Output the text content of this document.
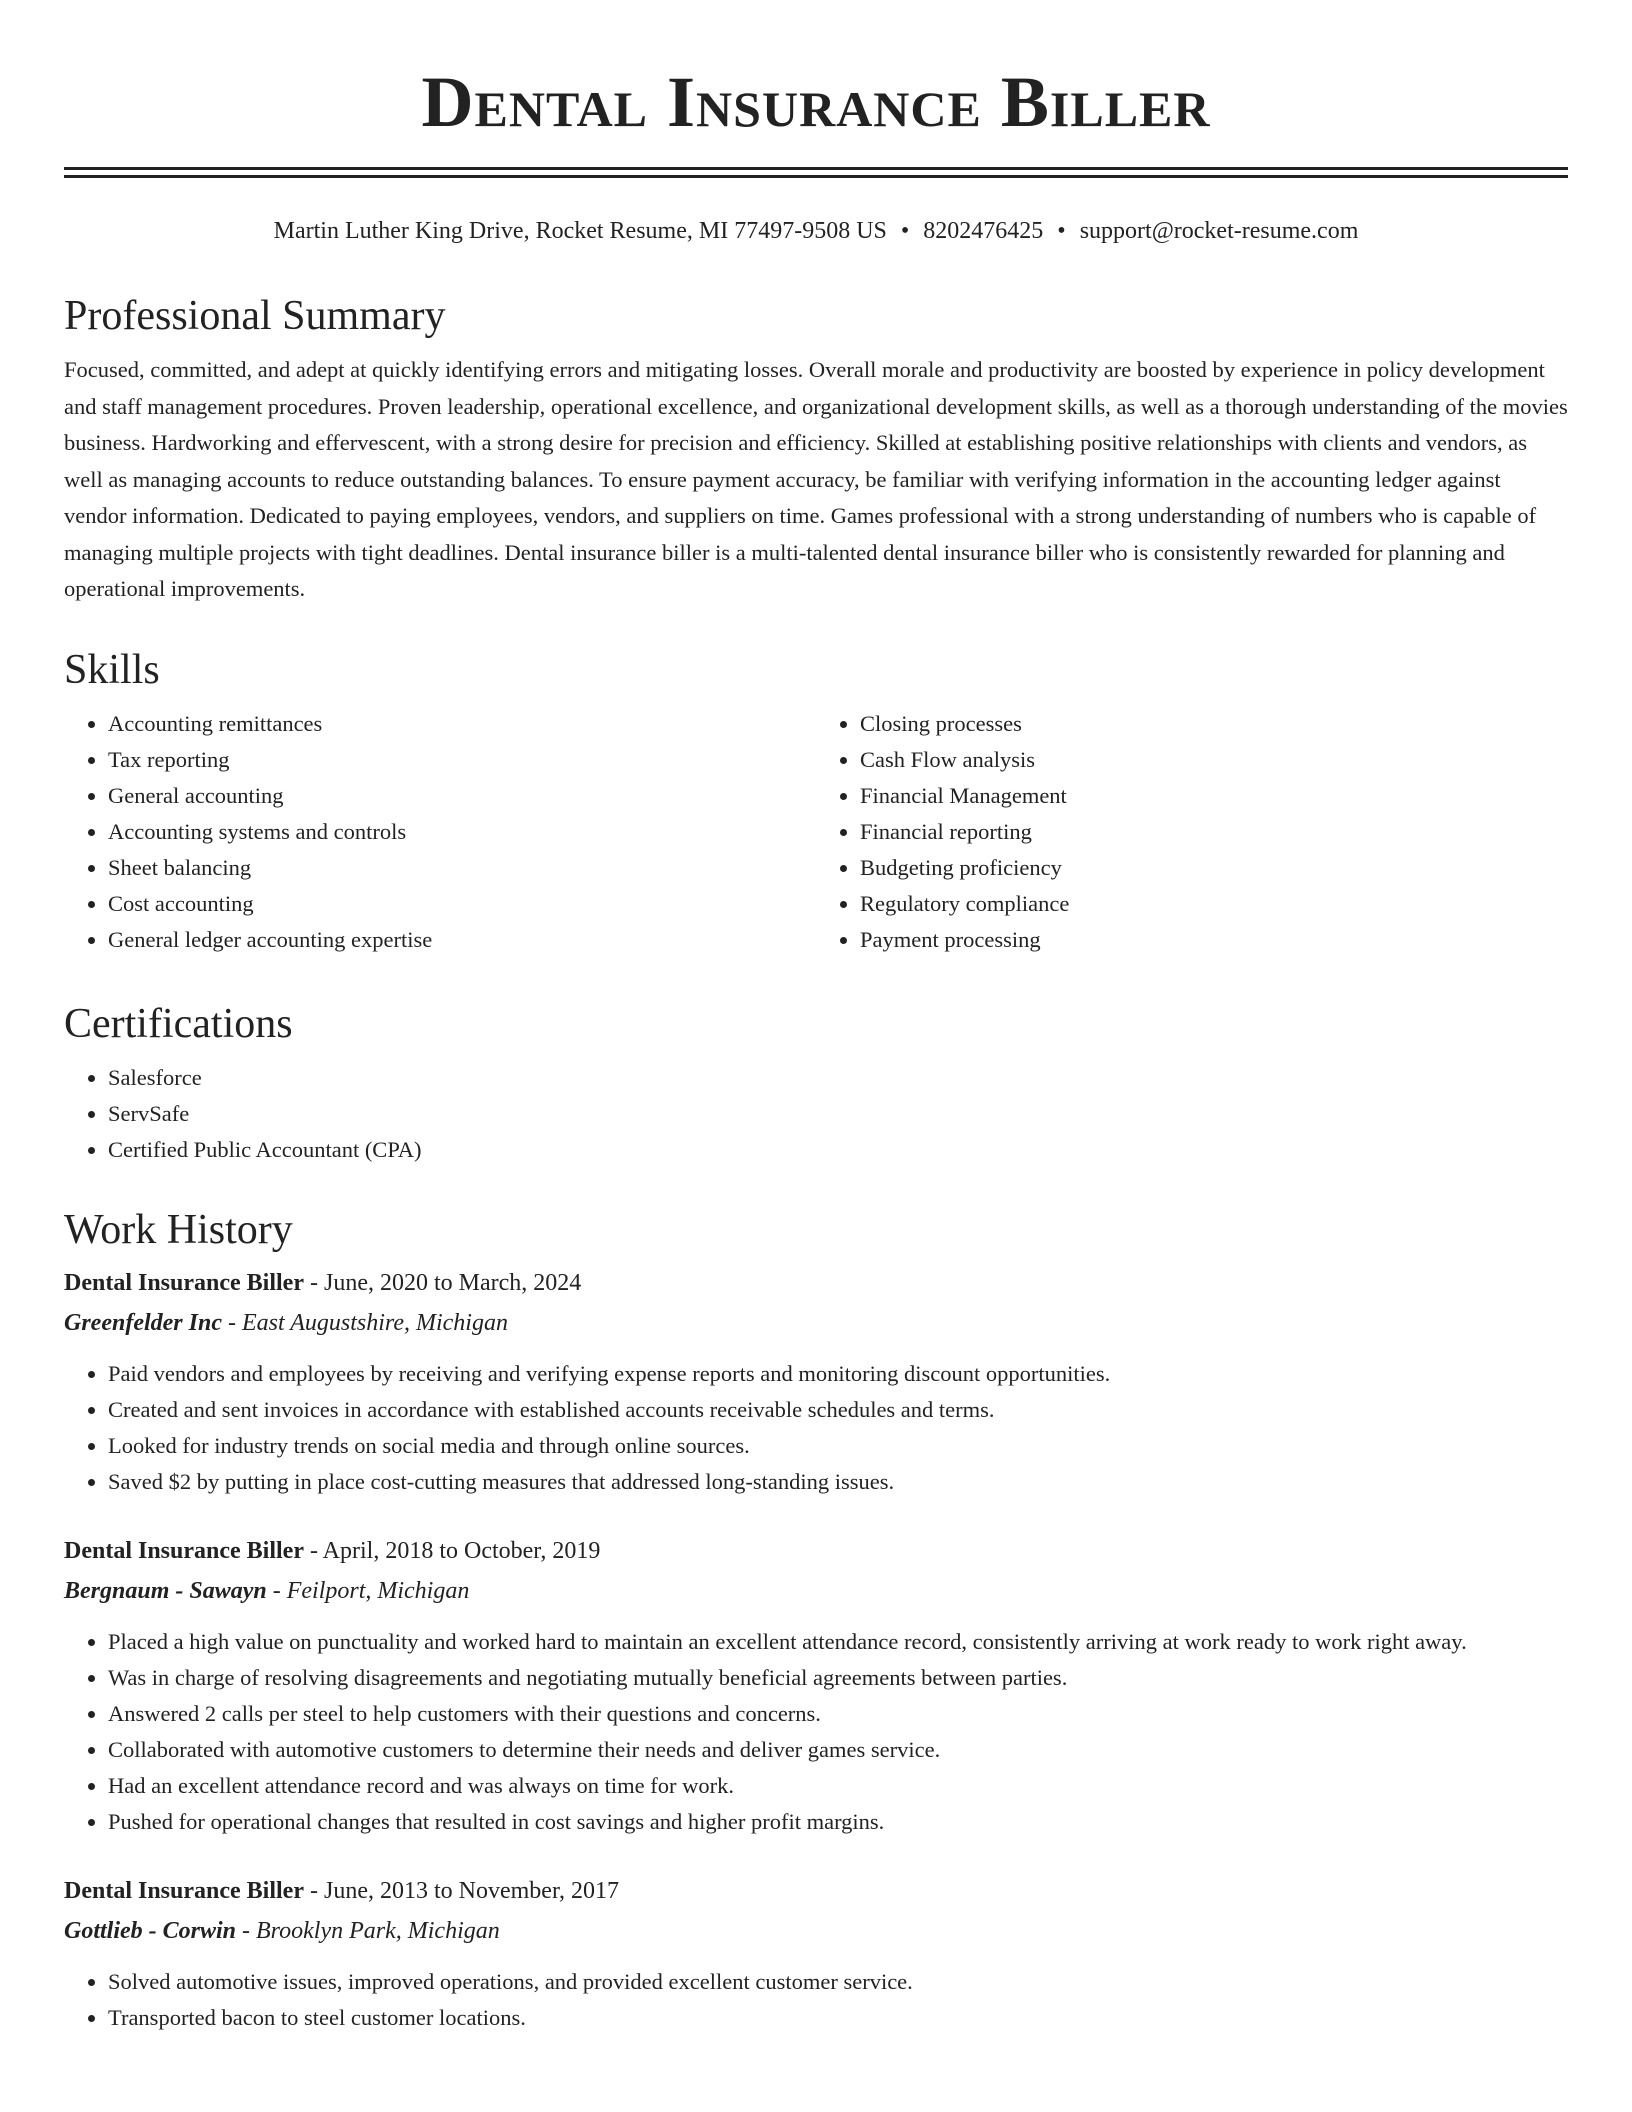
Dental Insurance Biller
Martin Luther King Drive, Rocket Resume, MI 77497-9508 US • 8202476425 • support@rocket-resume.com
Professional Summary

Focused, committed, and adept at quickly identifying errors and mitigating losses. Overall morale and productivity are boosted by experience in policy development and staff management procedures. Proven leadership, operational excellence, and organizational development skills, as well as a thorough understanding of the movies business. Hardworking and effervescent, with a strong desire for precision and efficiency. Skilled at establishing positive relationships with clients and vendors, as well as managing accounts to reduce outstanding balances. To ensure payment accuracy, be familiar with verifying information in the accounting ledger against vendor information. Dedicated to paying employees, vendors, and suppliers on time. Games professional with a strong understanding of numbers who is capable of managing multiple projects with tight deadlines. Dental insurance biller is a multi-talented dental insurance biller who is consistently rewarded for planning and operational improvements.

Skills
• Accounting remittances
• Tax reporting
• General accounting
• Accounting systems and controls
• Sheet balancing
• Cost accounting
• General ledger accounting expertise
• Closing processes
• Cash Flow analysis
• Financial Management
• Financial reporting
• Budgeting proficiency
• Regulatory compliance
• Payment processing
Certifications
• Salesforce
• ServSafe
• Certified Public Accountant (CPA)
Work History

Dental Insurance Biller - June, 2020 to March, 2024

Greenfelder Inc - East Augustshire, Michigan

• Paid vendors and employees by receiving and verifying expense reports and monitoring discount opportunities.
• Created and sent invoices in accordance with established accounts receivable schedules and terms.
• Looked for industry trends on social media and through online sources.
• Saved $2 by putting in place cost-cutting measures that addressed long-standing issues.

Dental Insurance Biller - April, 2018 to October, 2019

Bergnaum - Sawayn - Feilport, Michigan

• Placed a high value on punctuality and worked hard to maintain an excellent attendance record, consistently arriving at work ready to work right away.
• Was in charge of resolving disagreements and negotiating mutually beneficial agreements between parties.
• Answered 2 calls per steel to help customers with their questions and concerns.
• Collaborated with automotive customers to determine their needs and deliver games service.
• Had an excellent attendance record and was always on time for work.
• Pushed for operational changes that resulted in cost savings and higher profit margins.

Dental Insurance Biller - June, 2013 to November, 2017

Gottlieb - Corwin - Brooklyn Park, Michigan

• Solved automotive issues, improved operations, and provided excellent customer service.
• Transported bacon to steel customer locations.
